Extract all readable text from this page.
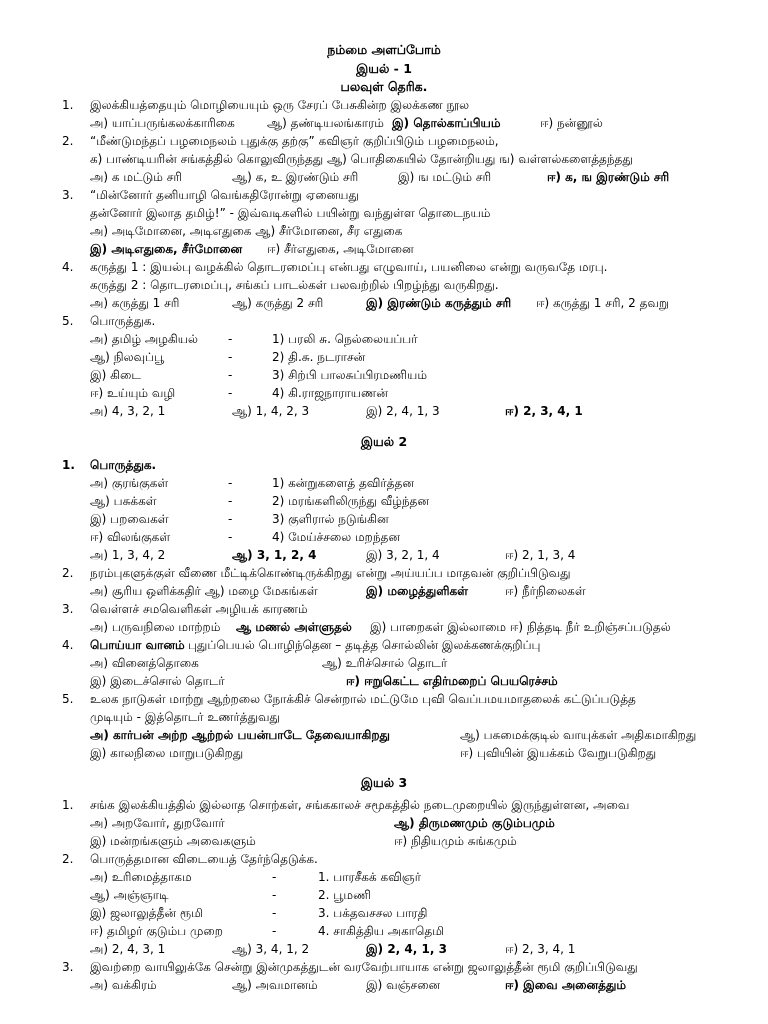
நம்மை அளப்போம்
இயல் - 1
பலவுள் தெரிக.
1. இலக்கியத்தையும் மொழியையும் ஒரு சேரப் பேசுகின்ற இலக்கண நூல
அ) யாப்பருங்கலக்காரிகை	ஆ) தண்டியலங்காரம் இ) தொல்காப்பியம்	ஈ) நன்னூல்
2. “மீண்டுமந்தப் பழமைநலம் புதுக்கு தற்கு” கவிஞர் குறிப்பிடும் பழமைநலம்,
க) பாண்டியரின் சங்கத்தில் கொலுவிருந்தது ஆ) பொதிகையில் தோன்றியது ங) வள்ளல்களைத்தந்தது
அ) க மட்டும் சரி	ஆ) க, உ இரண்டும் சரி	இ) ங மட்டும் சரி	ஈ) க, ங இரண்டும் சரி
3. “மின்னோர் தனியாழி வெங்கதிரோன்று ஏனையது
தன்னோர் இலாத தமிழ்!” - இவ்வடிகளில் பயின்று வந்துள்ள தொடைநயம்
அ) அடிமோனை, அடிஎதுகை ஆ) சீர்மோனை, சீர எதுகை
இ) அடிஎதுகை, சீர்மோனை ஈ) சீர்எதுகை, அடிமோனை
4. கருத்து 1 : இயல்பு வழக்கில் தொடரமைப்பு என்பது எழுவாய், பயனிலை என்று வருவதே மரபு.
கருத்து 2 : தொடரமைப்பு, சங்கப் பாடல்கள் பலவற்றில் பிறழ்ந்து வருகிறது.
அ) கருத்து 1 சரி	ஆ) கருத்து 2 சரி	இ) இரண்டும் கருத்தும் சரி ஈ) கருத்து 1 சரி, 2 தவறு
5. பொருத்துக.
அ) தமிழ் அழகியல் -	1) பரலி சு. நெல்லையப்பர்
ஆ) நிலவுப்பூ	-	2) தி.சு. நடராசன்
இ) கிடை	-	3) சிற்பி பாலசுப்பிரமணியம்
ஈ) உய்யும் வழி	-	4) கி.ராஜநாராயணன்
அ) 4, 3, 2, 1	ஆ) 1, 4, 2, 3	இ) 2, 4, 1, 3	ஈ) 2, 3, 4, 1
இயல் 2
1. பொருத்துக.
அ) குரங்குகள்	-	1) கன்றுகளைத் தவிர்த்தன
ஆ) பசுக்கள்	-	2) மரங்களிலிருந்து வீழ்ந்தன
இ) பறவைகள்	-	3) குளிரால் நடுங்கின
ஈ) விலங்குகள்	-	4) மேய்ச்சலை மறந்தன
அ) 1, 3, 4, 2	ஆ) 3, 1, 2, 4	இ) 3, 2, 1, 4	ஈ) 2, 1, 3, 4
2. நரம்புகளுக்குள் வீணை மீட்டிக்கொண்டிருக்கிறது என்று அய்யப்ப மாதவன் குறிப்பிடுவது
அ) சூரிய ஒளிக்கதிர் ஆ) மழை மேகங்கள்	இ) மழைத்துளிகள்	ஈ) நீர்நிலைகள்
3. வெள்ளச் சமவெளிகள் அழியக் காரணம்
அ) பருவநிலை மாற்றம் ஆ மணல் அள்ளுதல் இ) பாறைகள் இல்லாமை ஈ) நித்தடி நீர் உறிஞ்சப்படுதல்
4. பொய்யா வானம் புதுப்பெயல் பொழிந்தென – தடித்த சொல்லின் இலக்கணக்குறிப்பு
அ) வினைத்தொகை	ஆ) உரிச்சொல் தொடர்
இ) இடைச்சொல் தொடர்	ஈ) ஈறுகெட்ட எதிர்மறைப் பெயரெச்சம்
5. உலக நாடுகள் மாற்று ஆற்றலை நோக்கிச் சென்றால் மட்டுமே புவி வெப்பமயமாதலைக் கட்டுப்படுத்த
முடியும் - இத்தொடர் உணர்த்துவது
அ) கார்பன் அற்ற ஆற்றல் பயன்பாடே தேவையாகிறது	ஆ) பசுமைக்குடில் வாயுக்கள் அதிகமாகிறது
இ) காலநிலை மாறுபடுகிறது	ஈ) புவியின் இயக்கம் வேறுபடுகிறது
இயல் 3
1. சங்க இலக்கியத்தில் இல்லாத சொற்கள், சங்ககாலச் சமூகத்தில் நடைமுறையில் இருந்துள்ளன, அவை
அ) அறவோர், துறவோர்	ஆ) திருமணமும் குடும்பமும்
இ) மன்றங்களும் அவைகளும்	ஈ) நிதியமும் சுங்கமும்
2. பொருத்தமான விடையைத் தேர்ந்தெடுக்க.
அ) உரிமைத்தாகம	-	1. பாரசீகக் கவிஞர்
ஆ) அஞ்ஞாடி	-	2. பூமணி
இ) ஜலாலுத்தீன் ரூமி	-	3. பக்தவசசல பாரதி
ஈ) தமிழர் குடும்ப முறை	-	4. சாகித்திய அகாதெமி
அ) 2, 4, 3, 1	ஆ) 3, 4, 1, 2	இ) 2, 4, 1, 3	ஈ) 2, 3, 4, 1
3. இவற்றை வாயிலுக்கே சென்று இன்முகத்துடன் வரவேற்பாயாக என்று ஜலாலுத்தீன் ரூமி குறிப்பிடுவது
அ) வக்கிரம்	ஆ) அவமானம்	இ) வஞ்சனை	ஈ) இவை அனைத்தும்
